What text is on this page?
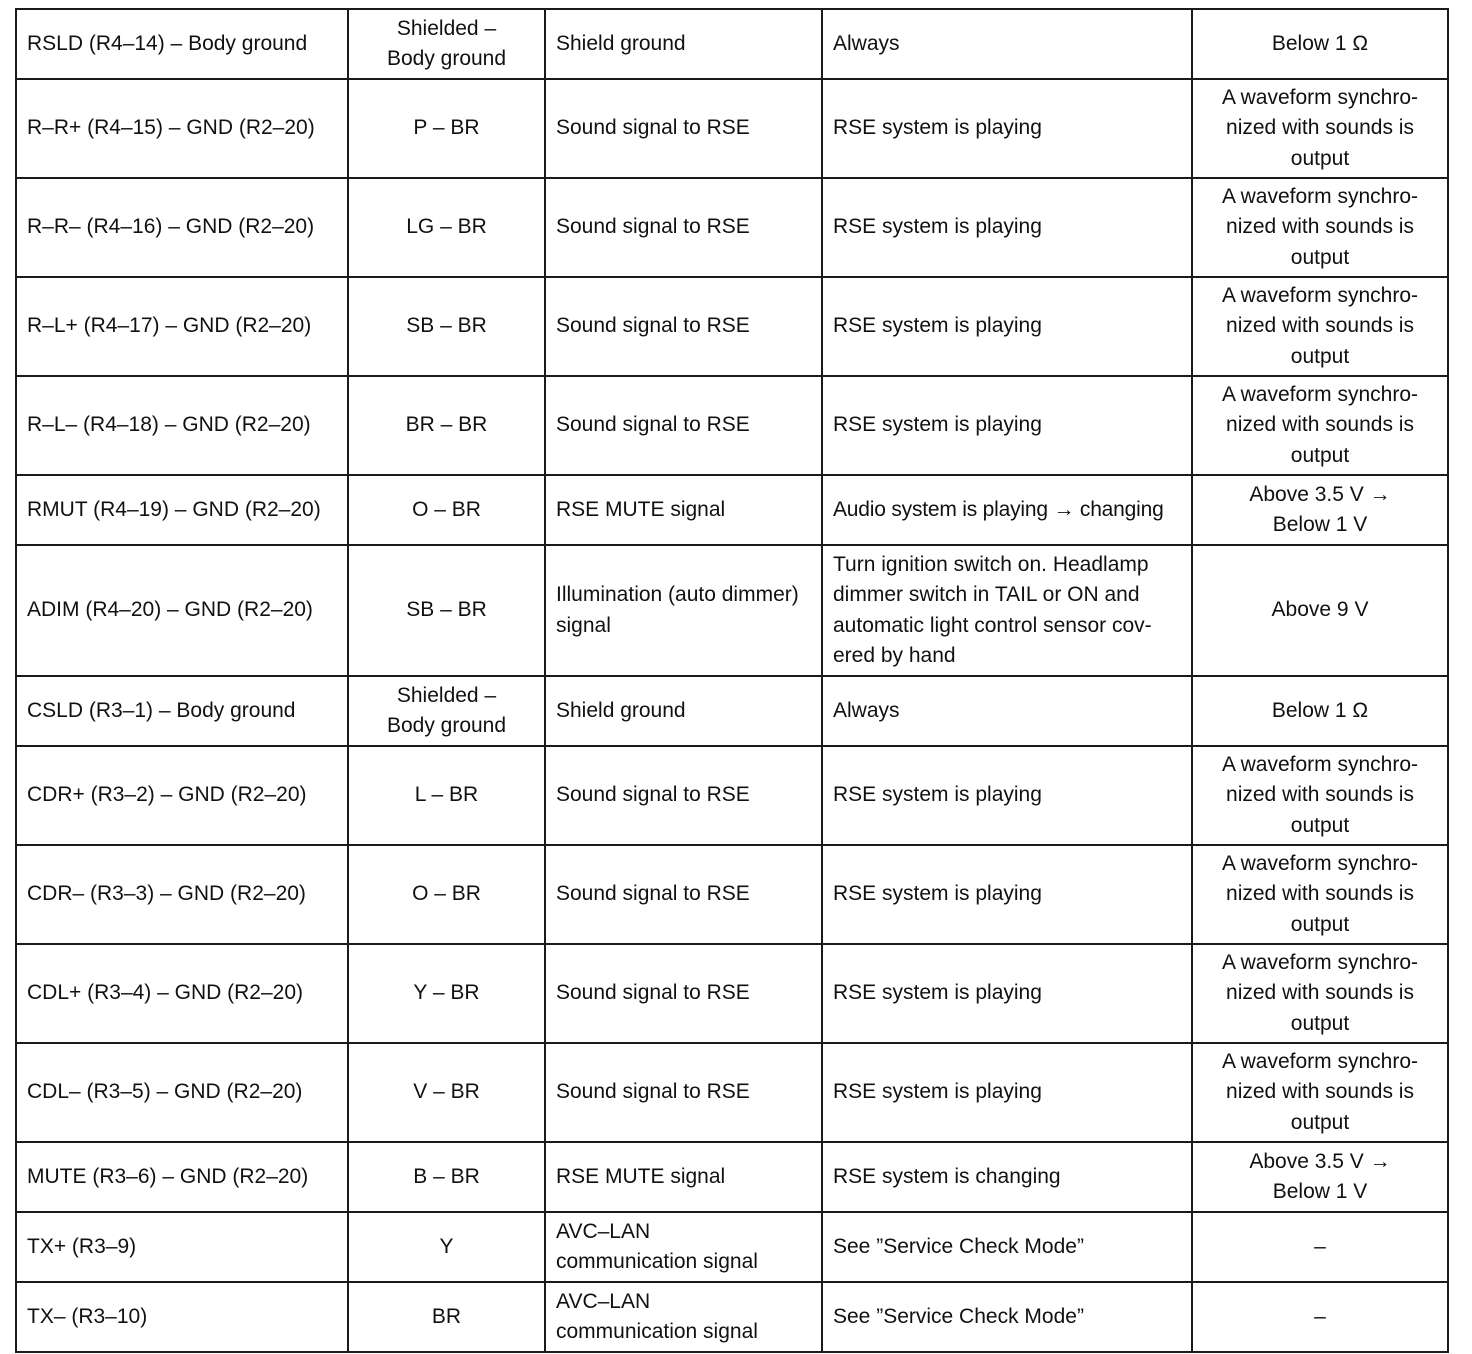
RSLD (R4–14) – Body ground	Shielded – Body ground	Shield ground	Always	Below 1 Ω
R–R+ (R4–15) – GND (R2–20)	P – BR	Sound signal to RSE	RSE system is playing	A waveform synchro-nized with sounds is output
R–R– (R4–16) – GND (R2–20)	LG – BR	Sound signal to RSE	RSE system is playing	A waveform synchro-nized with sounds is output
R–L+ (R4–17) – GND (R2–20)	SB – BR	Sound signal to RSE	RSE system is playing	A waveform synchro-nized with sounds is output
R–L– (R4–18) – GND (R2–20)	BR – BR	Sound signal to RSE	RSE system is playing	A waveform synchro-nized with sounds is output
RMUT (R4–19) – GND (R2–20)	O – BR	RSE MUTE signal	Audio system is playing → changing	Above 3.5 V → Below 1 V
ADIM (R4–20) – GND (R2–20)	SB – BR	Illumination (auto dimmer) signal	Turn ignition switch on. Headlamp dimmer switch in TAIL or ON and automatic light control sensor cov-ered by hand	Above 9 V
CSLD (R3–1) – Body ground	Shielded – Body ground	Shield ground	Always	Below 1 Ω
CDR+ (R3–2) – GND (R2–20)	L – BR	Sound signal to RSE	RSE system is playing	A waveform synchro-nized with sounds is output
CDR– (R3–3) – GND (R2–20)	O – BR	Sound signal to RSE	RSE system is playing	A waveform synchro-nized with sounds is output
CDL+ (R3–4) – GND (R2–20)	Y – BR	Sound signal to RSE	RSE system is playing	A waveform synchro-nized with sounds is output
CDL– (R3–5) – GND (R2–20)	V – BR	Sound signal to RSE	RSE system is playing	A waveform synchro-nized with sounds is output
MUTE (R3–6) – GND (R2–20)	B – BR	RSE MUTE signal	RSE system is changing	Above 3.5 V → Below 1 V
TX+ (R3–9)	Y	AVC–LAN communication signal	See ”Service Check Mode”	–
TX– (R3–10)	BR	AVC–LAN communication signal	See ”Service Check Mode”	–
